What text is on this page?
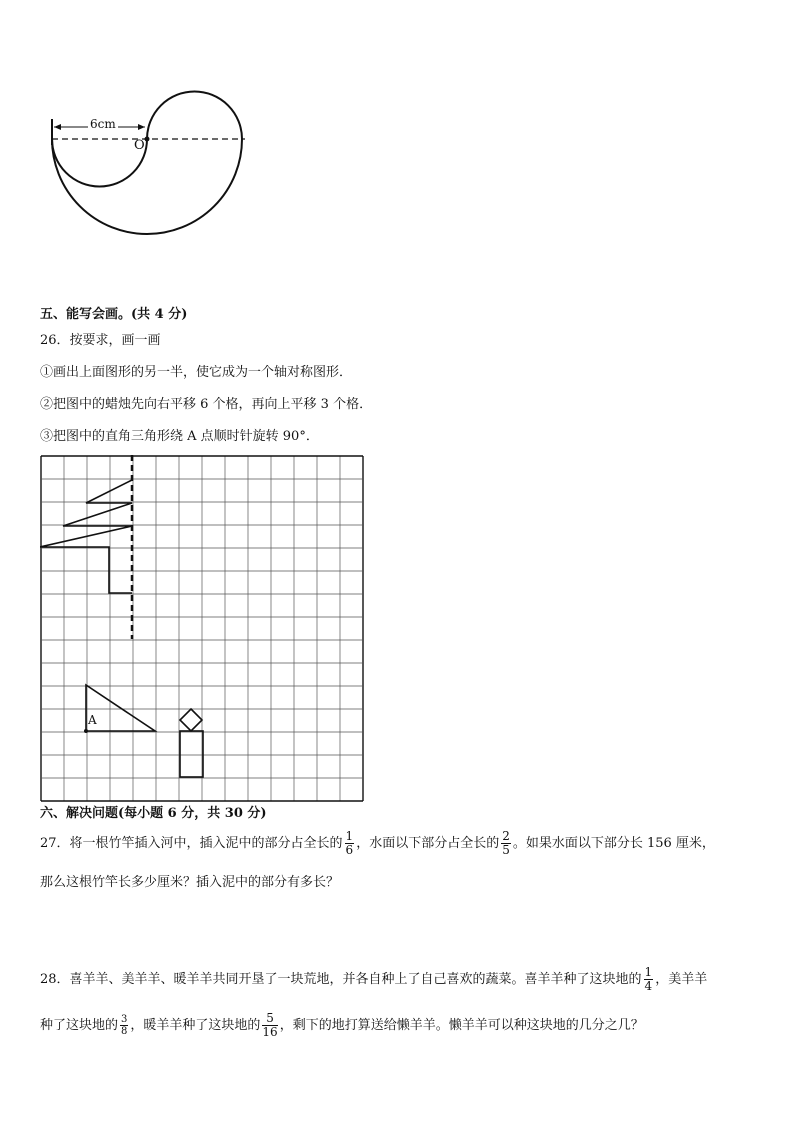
6cm
O
五、能写会画。(共 4 分)
26．按要求，画一画
①画出上面图形的另一半，使它成为一个轴对称图形．
②把图中的蜡烛先向右平移 6 个格，再向上平移 3 个格．
③把图中的直角三角形绕 A 点顺时针旋转 90°．
A
六、解决问题(每小题 6 分，共 30 分)
27．将一根竹竿插入河中，插入泥中的部分占全长的 $\frac{1}{6}$ ，水面以下部分占全长的 $\frac{2}{5}$ 。如果水面以下部分长 156 厘米，
那么这根竹竿长多少厘米？插入泥中的部分有多长？
28．喜羊羊、美羊羊、暖羊羊共同开垦了一块荒地，并各自种上了自己喜欢的蔬菜。喜羊羊种了这块地的 $\frac{1}{4}$ ，美羊羊
种了这块地的 $\frac{3}{8}$ ，暖羊羊种了这块地的 $\frac{5}{16}$ ，剩下的地打算送给懒羊羊。懒羊羊可以种这块地的几分之几？
